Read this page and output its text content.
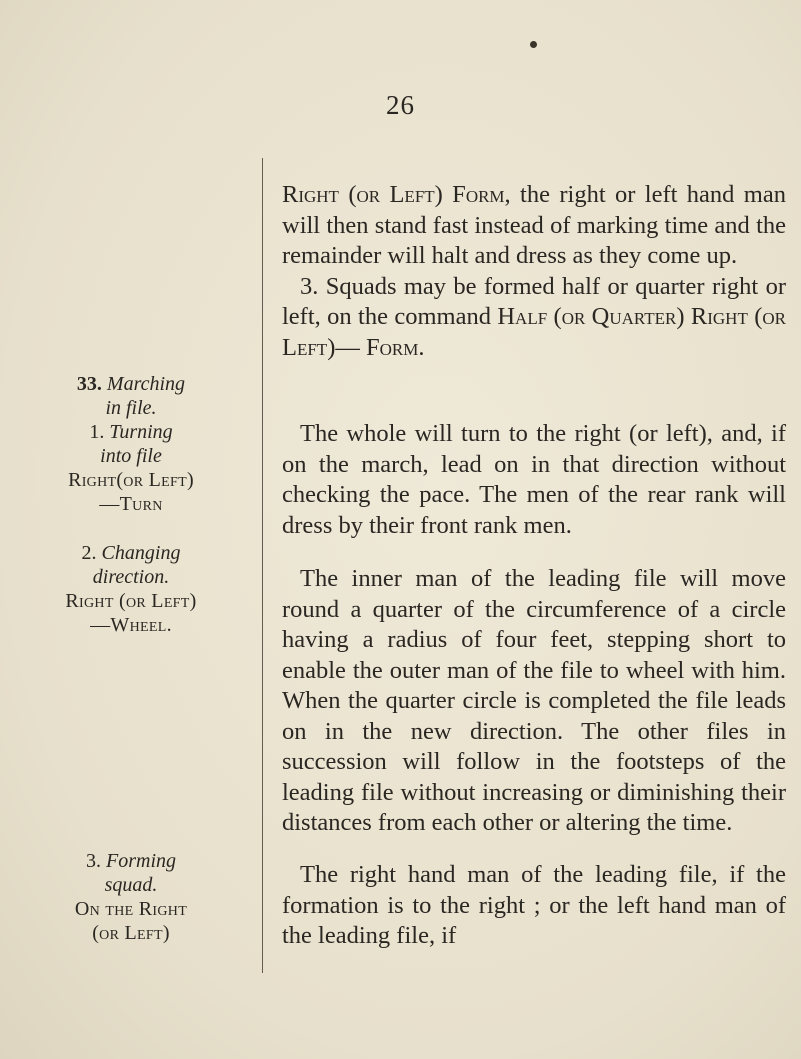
26

Right (or Left) Form, the right or left hand man will then stand fast instead of marking time and the remainder will halt and dress as they come up.

3. Squads may be formed half or quarter right or left, on the command Half (or Quarter) Right (or Left)— Form.

The whole will turn to the right (or left), and, if on the march, lead on in that direction without checking the pace. The men of the rear rank will dress by their front rank men.

The inner man of the leading file will move round a quarter of the circumference of a circle having a radius of four feet, stepping short to enable the outer man of the file to wheel with him. When the quarter circle is completed the file leads on in the new direction. The other files in succession will follow in the footsteps of the leading file without increasing or diminishing their distances from each other or altering the time.

The right hand man of the leading file, if the formation is to the right ; or the left hand man of the leading file, if

33. Marching
in file.
1. Turning
into file
Right(or Left)
—Turn
2. Changing
direction.
Right (or Left)
—Wheel.
3. Forming
squad.
On the Right
(or Left)
